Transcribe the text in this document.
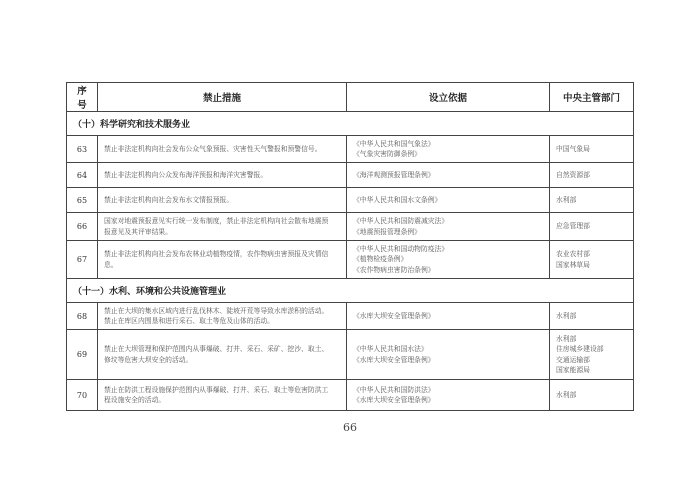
序号	禁止措施	设立依据	中央主管部门
（十）科学研究和技术服务业			
63	禁止非法定机构向社会发布公众气象预报、灾害性天气警报和预警信号。	《中华人民共和国气象法》
《气象灾害防御条例》	中国气象局

64	禁止非法定机构向公众发布海洋预报和海洋灾害警报。	《海洋观测预报管理条例》	自然资源部

65	禁止非法定机构向社会发布水文情报预报。	《中华人民共和国水文条例》	水利部

66	国家对地震预报意见实行统一发布制度，禁止非法定机构向社会散布地震预
报意见及其评审结果。	《中华人民共和国防震减灾法》
《地震预报管理条例》	应急管理部

67	禁止非法定机构向社会发布农林业动植物疫情，农作物病虫害预报及灾情信
息。	《中华人民共和国动物防疫法》
《植物检疫条例》
《农作物病虫害防治条例》	农业农村部
国家林草局

（十一）水利、环境和公共设施管理业			
68	禁止在大坝的集水区域内进行乱伐林木、陡坡开荒等导致水库淤积的活动。
禁止在库区内围垦和进行采石、取土等危及山体的活动。	《水库大坝安全管理条例》	水利部

69	禁止在大坝管理和保护范围内从事爆破、打井、采石、采矿、挖沙、取土、
修坟等危害大坝安全的活动。	《中华人民共和国水法》
《水库大坝安全管理条例》	水利部
住房城乡建设部
交通运输部
国家能源局

70	禁止在防洪工程设施保护范围内从事爆破、打井、采石、取土等危害防洪工
程设施安全的活动。	《中华人民共和国防洪法》
《水库大坝安全管理条例》	水利部
66
